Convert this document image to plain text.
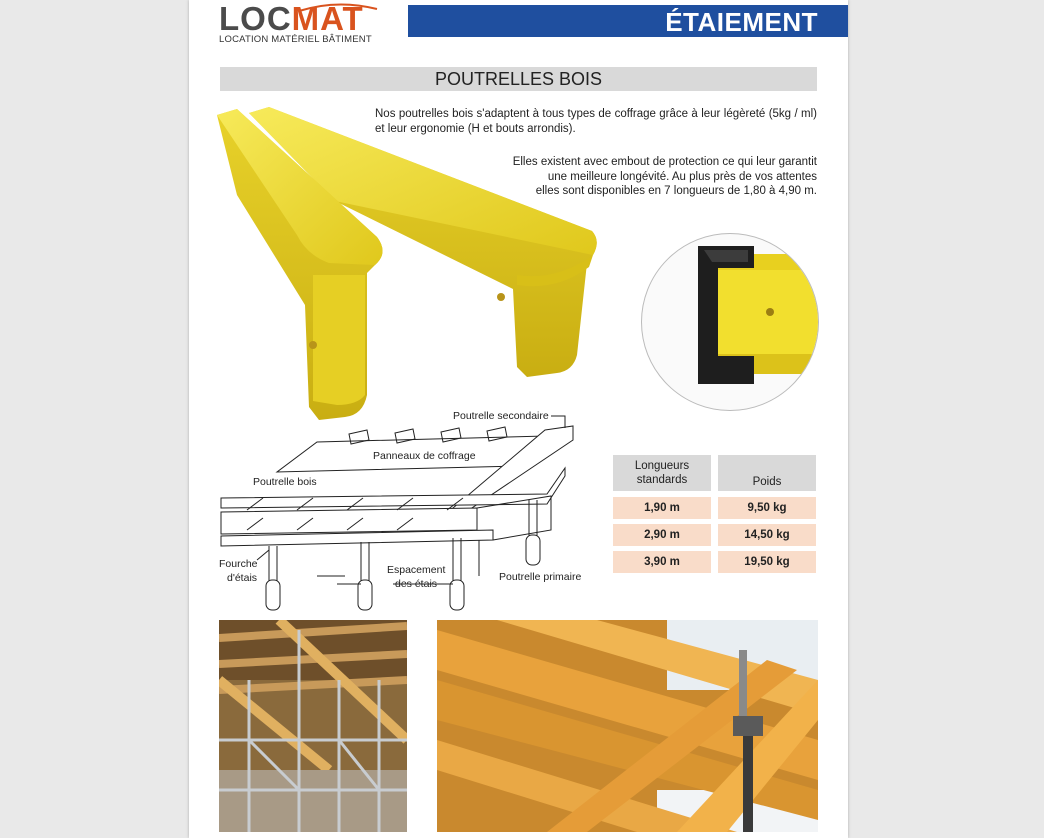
LOCMAT
LOCATION MATÉRIEL BÂTIMENT
ÉTAIEMENT
POUTRELLES BOIS
Nos poutrelles bois s'adaptent à tous types de coffrage grâce à leur légèreté (5kg / ml) et leur ergonomie (H et bouts arrondis).
Elles existent avec embout de protection ce qui leur garantit
une meilleure longévité. Au plus près de vos attentes
elles sont disponibles en 7 longueurs de 1,80 à 4,90 m.
Poutrelle secondaire
Panneaux de coffrage
Poutrelle bois
Fourche
d'étais
Espacement
des étais
Poutrelle primaire
Longueurs
standards	Poids
1,90 m	9,50 kg
2,90 m	14,50 kg
3,90 m	19,50 kg
